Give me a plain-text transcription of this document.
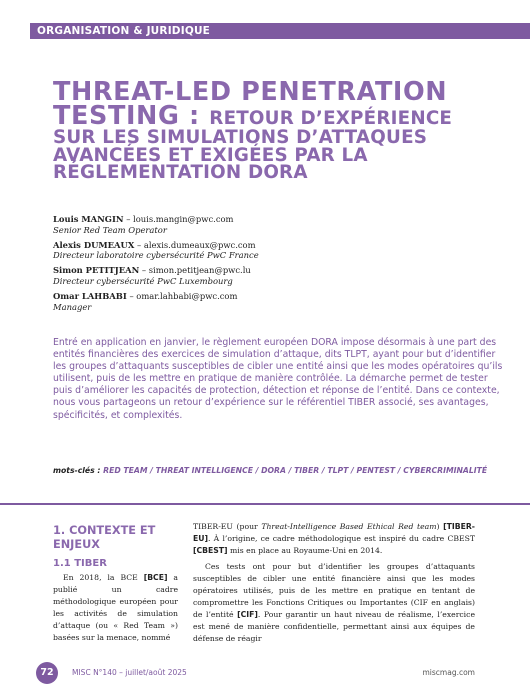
ORGANISATION & JURIDIQUE
THREAT-LED PENETRATION
TESTING : RETOUR D’EXPÉRIENCE
SUR LES SIMULATIONS D’ATTAQUES
AVANCÉES ET EXIGÉES PAR LA
RÉGLEMENTATION DORA
Louis MANGIN – louis.mangin@pwc.com
Senior Red Team Operator
Alexis DUMEAUX – alexis.dumeaux@pwc.com
Directeur laboratoire cybersécurité PwC France
Simon PETITJEAN – simon.petitjean@pwc.lu
Directeur cybersécurité PwC Luxembourg
Omar LAHBABI – omar.lahbabi@pwc.com
Manager
Entré en application en janvier, le règlement européen DORA impose désormais à une part des entités financières des exercices de simulation d’attaque, dits TLPT, ayant pour but d’identifier les groupes d’attaquants susceptibles de cibler une entité ainsi que les modes opératoires qu’ils utilisent, puis de les mettre en pratique de manière contrôlée. La démarche permet de tester puis d’améliorer les capacités de protection, détection et réponse de l’entité. Dans ce contexte, nous vous partageons un retour d’expérience sur le référentiel TIBER associé, ses avantages, spécificités, et complexités.
mots-clés : RED TEAM / THREAT INTELLIGENCE / DORA / TIBER / TLPT / PENTEST / CYBERCRIMINALITÉ
1. CONTEXTE ET ENJEUX
1.1 TIBER

En 2018, la BCE [BCE] a publié un cadre méthodologique européen pour les activités de simulation d’attaque (ou « Red Team ») basées sur la menace, nommé

TIBER-EU (pour Threat-Intelligence Based Ethical Red team) [TIBER-EU]. À l’origine, ce cadre méthodologique est inspiré du cadre CBEST [CBEST] mis en place au Royaume-Uni en 2014.

Ces tests ont pour but d’identifier les groupes d’attaquants susceptibles de cibler une entité financière ainsi que les modes opératoires utilisés, puis de les mettre en pratique en tentant de compromettre les Fonctions Critiques ou Importantes (CIF en anglais) de l’entité [CIF]. Pour garantir un haut niveau de réalisme, l’exercice est mené de manière confidentielle, permettant ainsi aux équipes de défense de réagir

72	MISC N°140 – juillet/août 2025	miscmag.com
